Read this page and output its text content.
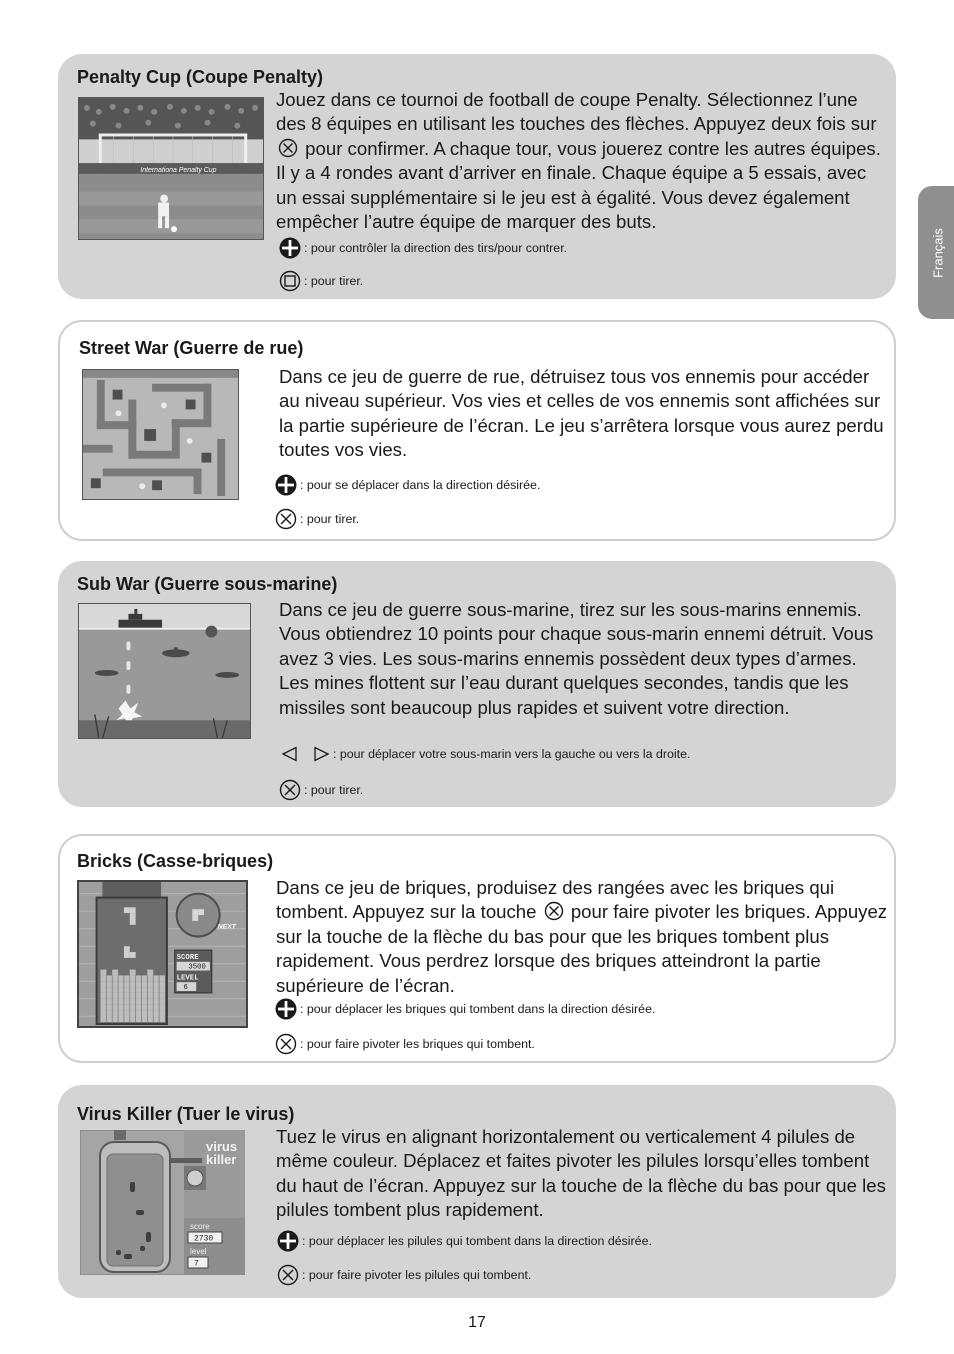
Français
Penalty Cup (Coupe Penalty)
Internationa Penalty Cup

Jouez dans ce tournoi de football de coupe Penalty. Sélectionnez l’une des 8 équipes en utilisant les touches des flèches. Appuyez deux fois sur
pour confirmer. A chaque tour, vous jouerez contre les autres équipes. Il y a 4 rondes avant d’arriver en finale. Chaque équipe a 5 essais, avec un essai supplémentaire si le jeu est à égalité. Vous devez également empêcher l’autre équipe de marquer des buts.

: pour contrôler la direction des tirs/pour contrer.
: pour tirer.
Street War (Guerre de rue)

Dans ce jeu de guerre de rue, détruisez tous vos ennemis pour accéder au niveau supérieur. Vos vies et celles de vos ennemis sont affichées sur la partie supérieure de l’écran. Le jeu s’arrêtera lorsque vous aurez perdu toutes vos vies.

: pour se déplacer dans la direction désirée.
: pour tirer.
Sub War (Guerre sous-marine)

Dans ce jeu de guerre sous-marine, tirez sur les sous-marins ennemis. Vous obtiendrez 10 points pour chaque sous-marin ennemi détruit. Vous avez 3 vies. Les sous-marins ennemis possèdent deux types d’armes. Les mines flottent sur l’eau durant quelques secondes, tandis que les missiles sont beaucoup plus rapides et suivent votre direction.

: pour déplacer votre sous-marin vers la gauche ou vers la droite.
: pour tirer.
Bricks (Casse-briques)
NEXT
SCORE
3500
LEVEL
6

Dans ce jeu de briques, produisez des rangées avec les briques qui tombent. Appuyez sur la touche pour faire pivoter les briques. Appuyez sur la touche de la flèche du bas pour que les briques tombent plus rapidement. Vous perdrez lorsque des briques atteindront la partie supérieure de l’écran.

: pour déplacer les briques qui tombent dans la direction désirée.
: pour faire pivoter les briques qui tombent.
Virus Killer (Tuer le virus)
virus
killer
score
2730
level
7

Tuez le virus en alignant horizontalement ou verticalement 4 pilules de même couleur. Déplacez et faites pivoter les pilules lorsqu’elles tombent du haut de l’écran. Appuyez sur la touche de la flèche du bas pour que les pilules tombent plus rapidement.

: pour déplacer les pilules qui tombent dans la direction désirée.
: pour faire pivoter les pilules qui tombent.
17
